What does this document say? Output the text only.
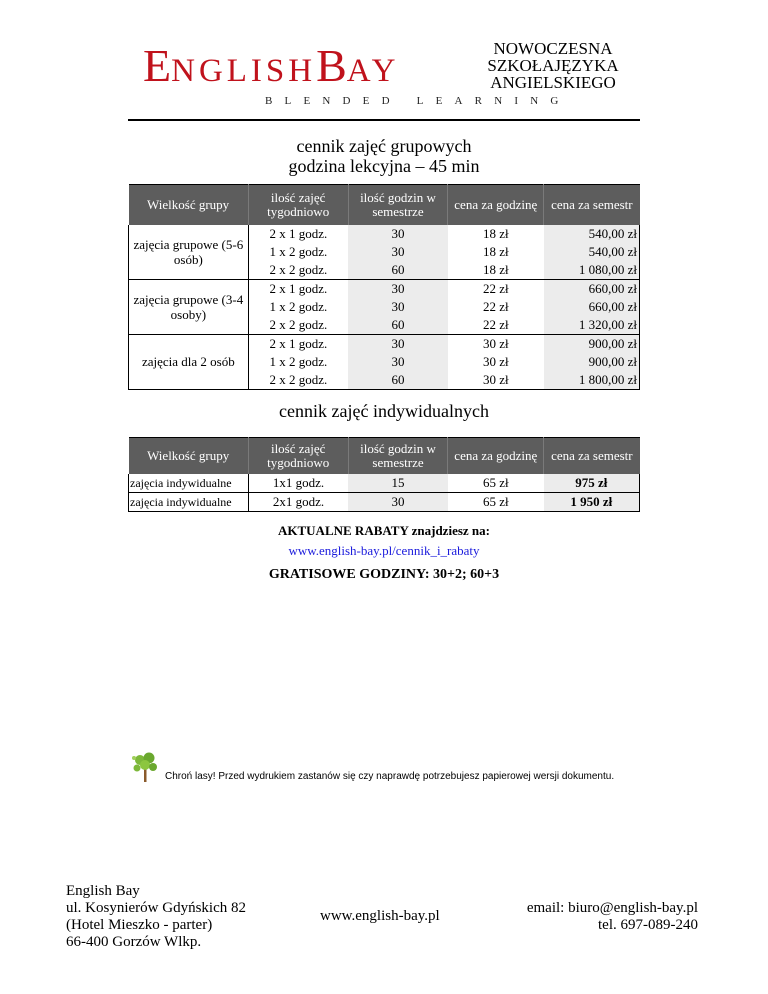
ENGLISHBAY
BLENDED LEARNING
NOWOCZESNA
SZKOŁAJĘZYKA
ANGIELSKIEGO
cennik zajęć grupowych
godzina lekcyjna – 45 min
Wielkość grupy	ilość zajęć tygodniowo	ilość godzin w semestrze	cena za godzinę	cena za semestr
zajęcia grupowe (5-6 osób)	2 x 1 godz.	30	18 zł	540,00 zł
	1 x 2 godz.	30	18 zł	540,00 zł
	2 x 2 godz.	60	18 zł	1 080,00 zł
zajęcia grupowe (3-4 osoby)	2 x 1 godz.	30	22 zł	660,00 zł
	1 x 2 godz.	30	22 zł	660,00 zł
	2 x 2 godz.	60	22 zł	1 320,00 zł
zajęcia dla 2 osób	2 x 1 godz.	30	30 zł	900,00 zł
	1 x 2 godz.	30	30 zł	900,00 zł
	2 x 2 godz.	60	30 zł	1 800,00 zł
cennik zajęć indywidualnych
Wielkość grupy	ilość zajęć tygodniowo	ilość godzin w semestrze	cena za godzinę	cena za semestr
zajęcia indywidualne	1x1 godz.	15	65 zł	975 zł
zajęcia indywidualne	2x1 godz.	30	65 zł	1 950 zł
AKTUALNE RABATY znajdziesz na:
www.english-bay.pl/cennik_i_rabaty
GRATISOWE GODZINY: 30+2; 60+3
Chroń lasy! Przed wydrukiem zastanów się czy naprawdę potrzebujesz papierowej wersji dokumentu.
English Bay
ul. Kosynierów Gdyńskich 82
(Hotel Mieszko - parter)
66-400 Gorzów Wlkp.
www.english-bay.pl	email: biuro@english-bay.pl
tel. 697-089-240
